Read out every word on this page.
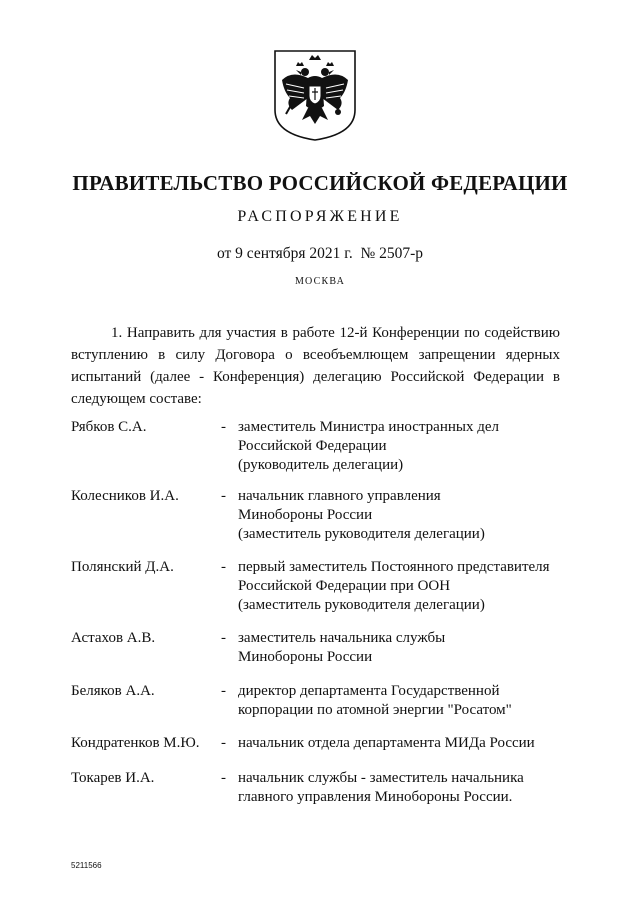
ПРАВИТЕЛЬСТВО РОССИЙСКОЙ ФЕДЕРАЦИИ
РАСПОРЯЖЕНИЕ
от 9 сентября 2021 г.  № 2507-р
МОСКВА

1. Направить для участия в работе 12-й Конференции по содействию вступлению в силу Договора о всеобъемлющем запрещении ядерных испытаний (далее - Конференция) делегацию Российской Федерации в следующем составе:

Рябков С.А.	- заместитель Министра иностранных дел
Российской Федерации
(руководитель делегации)
Колесников И.А.	- начальник главного управления
Минобороны России
(заместитель руководителя делегации)
Полянский Д.А.	- первый заместитель Постоянного представителя
Российской Федерации при ООН
(заместитель руководителя делегации)
Астахов А.В.	- заместитель начальника службы
Минобороны России
Беляков А.А.	- директор департамента Государственной
корпорации по атомной энергии "Росатом"
Кондратенков М.Ю. - начальник отдела департамента МИДа России
Токарев И.А.	- начальник службы - заместитель начальника
главного управления Минобороны России.
5211566
